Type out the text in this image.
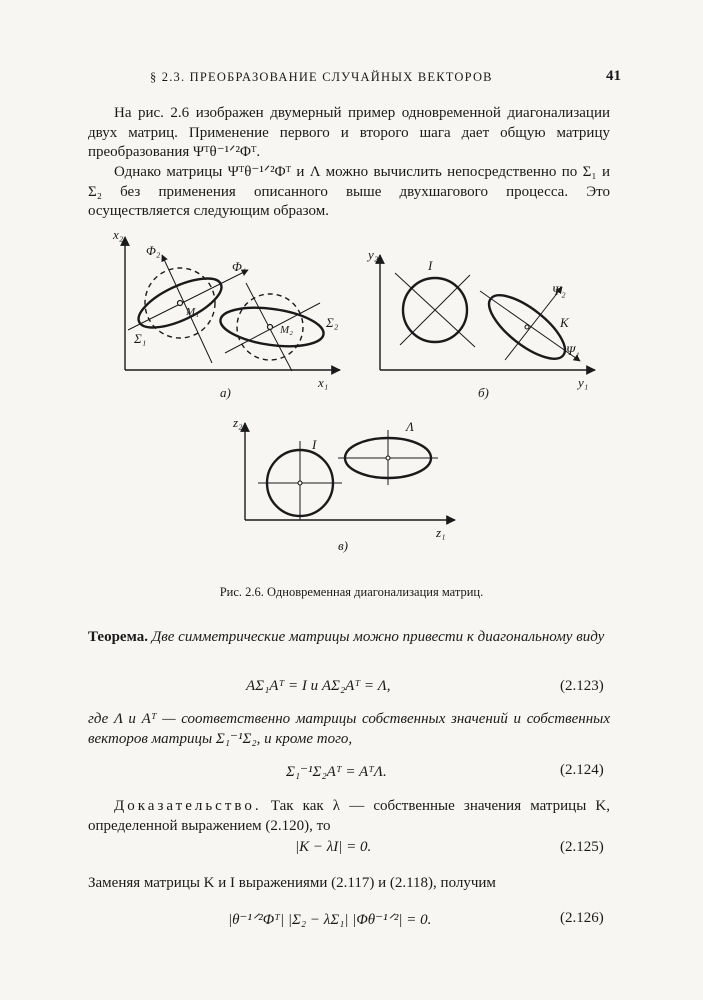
§ 2.3. ПРЕОБРАЗОВАНИЕ СЛУЧАЙНЫХ ВЕКТОРОВ	41
На рис. 2.6 изображен двумерный пример одновременной диагонализации двух матриц. Применение первого и второго шага дает общую матрицу преобразования Ψᵀθ⁻¹ᐟ²Φᵀ.
Однако матрицы Ψᵀθ⁻¹ᐟ²Φᵀ и Λ можно вычислить непосредственно по Σ₁ и Σ₂ без применения описанного выше двухшагового процесса. Это осуществляется следующим образом.
x₂
x₁
Φ₂
Φ₁
M₁
M₂
Σ₁
Σ₂
а)
y₂
y₁
I
K
Ψ₂
Ψ₁
б)
z₂
z₁
I
Λ
в)
Рис. 2.6. Одновременная диагонализация матриц.
Теорема. Две симметрические матрицы можно привести к диагональному виду
AΣ₁Aᵀ = I и AΣ₂Aᵀ = Λ,	(2.123)
где Λ и Aᵀ — соответственно матрицы собственных значений и собственных векторов матрицы Σ₁⁻¹Σ₂, и кроме того,
Σ₁⁻¹Σ₂Aᵀ = AᵀΛ.	(2.124)
Доказательство. Так как λ — собственные значения матрицы K, определенной выражением (2.120), то
|K − λI| = 0.	(2.125)
Заменяя матрицы K и I выражениями (2.117) и (2.118), получим
|θ⁻¹ᐟ²Φᵀ| |Σ₂ − λΣ₁| |Φθ⁻¹ᐟ²| = 0.	(2.126)
